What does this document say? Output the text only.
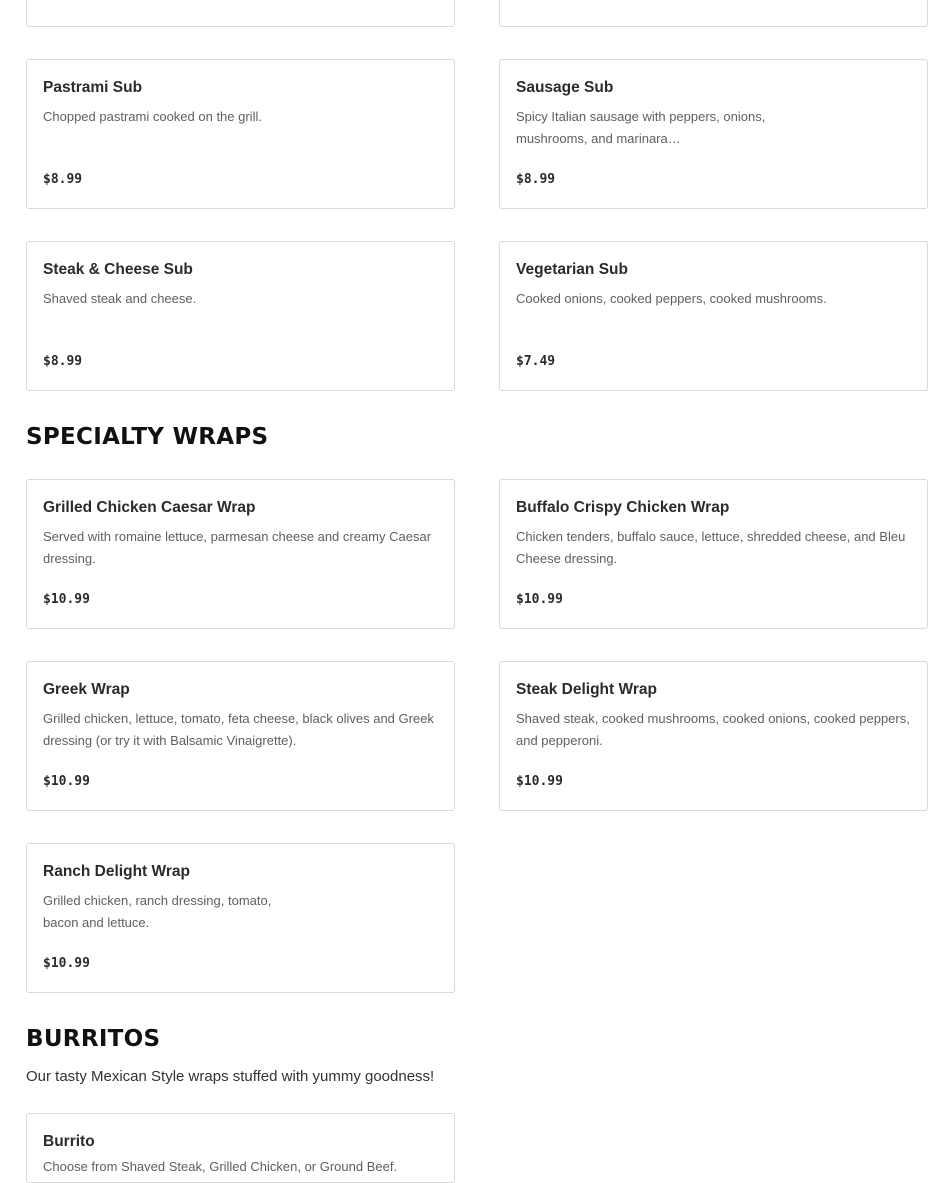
Pastrami Sub
Chopped pastrami cooked on the grill.
$8.99
Sausage Sub
Spicy Italian sausage with peppers, onions, mushrooms, and marinara…
$8.99
Steak & Cheese Sub
Shaved steak and cheese.
$8.99
Vegetarian Sub
Cooked onions, cooked peppers, cooked mushrooms.
$7.49
SPECIALTY WRAPS
Grilled Chicken Caesar Wrap
Served with romaine lettuce, parmesan cheese and creamy Caesar dressing.
$10.99
Buffalo Crispy Chicken Wrap
Chicken tenders, buffalo sauce, lettuce, shredded cheese, and Bleu Cheese dressing.
$10.99
Greek Wrap
Grilled chicken, lettuce, tomato, feta cheese, black olives and Greek dressing (or try it with Balsamic Vinaigrette).
$10.99
Steak Delight Wrap
Shaved steak, cooked mushrooms, cooked onions, cooked peppers, and pepperoni.
$10.99
Ranch Delight Wrap
Grilled chicken, ranch dressing, tomato, bacon and lettuce.
$10.99
BURRITOS
Our tasty Mexican Style wraps stuffed with yummy goodness!
Burrito
Choose from Shaved Steak, Grilled Chicken, or Ground Beef.
